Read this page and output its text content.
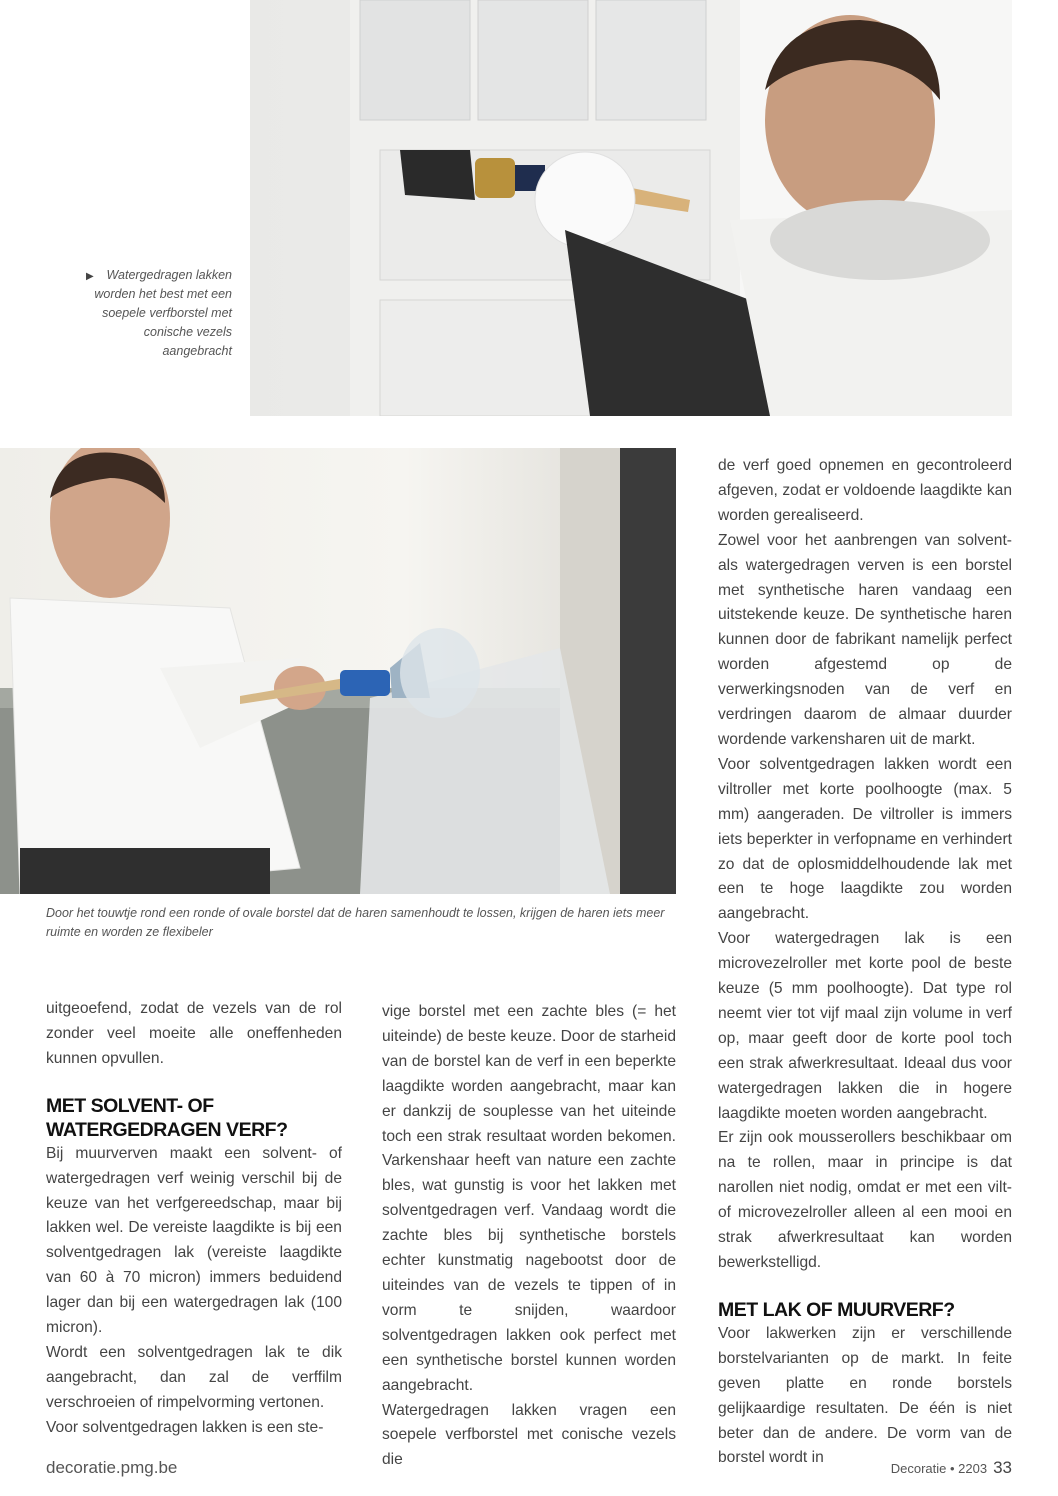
▶ Watergedragen lakken worden het best met een soepele verfborstel met conische vezels aangebracht
Door het touwtje rond een ronde of ovale borstel dat de haren samenhoudt te lossen, krijgen de haren iets meer ruimte en worden ze flexibeler

uitgeoefend, zodat de vezels van de rol zonder veel moeite alle oneffenheden kunnen opvullen.

MET SOLVENT- OF WATERGEDRAGEN VERF?

Bij muurverven maakt een solvent- of watergedragen verf weinig verschil bij de keuze van het verfgereedschap, maar bij lakken wel. De vereiste laagdikte is bij een solventgedragen lak (vereiste laagdikte van 60 à 70 micron) immers beduidend lager dan bij een watergedragen lak (100 micron).

Wordt een solventgedragen lak te dik aangebracht, dan zal de verffilm verschroeien of rimpelvorming vertonen.

Voor solventgedragen lakken is een ste-

vige borstel met een zachte bles (= het uiteinde) de beste keuze. Door de starheid van de borstel kan de verf in een beperkte laagdikte worden aangebracht, maar kan er dankzij de souplesse van het uiteinde toch een strak resultaat worden bekomen. Varkenshaar heeft van nature een zachte bles, wat gunstig is voor het lakken met solventgedragen verf. Vandaag wordt die zachte bles bij synthetische borstels echter kunstmatig nagebootst door de uiteindes van de vezels te tippen of in vorm te snijden, waardoor solventgedragen lakken ook perfect met een synthetische borstel kunnen worden aangebracht.

Watergedragen lakken vragen een soepele verfborstel met conische vezels die

de verf goed opnemen en gecontroleerd afgeven, zodat er voldoende laagdikte kan worden gerealiseerd.

Zowel voor het aanbrengen van solvent- als watergedragen verven is een borstel met synthetische haren vandaag een uitstekende keuze. De synthetische haren kunnen door de fabrikant namelijk perfect worden afgestemd op de verwerkingsnoden van de verf en verdringen daarom de almaar duurder wordende varkensharen uit de markt.

Voor solventgedragen lakken wordt een viltroller met korte poolhoogte (max. 5 mm) aangeraden. De viltroller is immers iets beperkter in verfopname en verhindert zo dat de oplosmiddelhoudende lak met een te hoge laagdikte zou worden aangebracht.

Voor watergedragen lak is een microvezelroller met korte pool de beste keuze (5 mm poolhoogte). Dat type rol neemt vier tot vijf maal zijn volume in verf op, maar geeft door de korte pool toch een strak afwerkresultaat. Ideaal dus voor watergedragen lakken die in hogere laagdikte moeten worden aangebracht.

Er zijn ook mousserollers beschikbaar om na te rollen, maar in principe is dat narollen niet nodig, omdat er met een vilt- of microvezelroller alleen al een mooi en strak afwerkresultaat kan worden bewerkstelligd.

MET LAK OF MUURVERF?

Voor lakwerken zijn er verschillende borstelvarianten op de markt. In feite geven platte en ronde borstels gelijkaardige resultaten. De één is niet beter dan de andere. De vorm van de borstel wordt in

decoratie.pmg.be	Decoratie • 2203 33
